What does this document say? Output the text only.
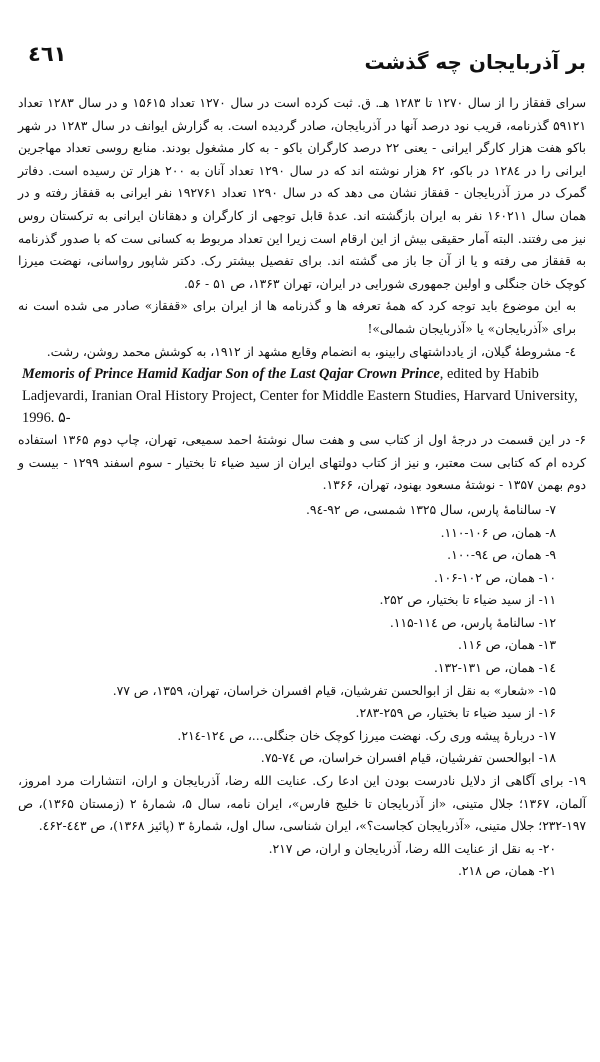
٤٦١	بر آذربایجان چه گذشت

سرای قفقاز را از سال ۱۲۷۰ تا ۱۲۸۳ هـ. ق. ثبت کرده است در سال ۱۲۷۰ تعداد ۱۵۶۱۵ و در سال ۱۲۸۳ تعداد ۵۹۱۲۱ گذرنامه، قریب نود درصد آنها در آذربایجان، صادر گردیده است. به گزارش ایوانف در سال ۱۲۸۳ در شهر باکو هفت هزار کارگر ایرانی - یعنی ۲۲ درصد کارگران باکو - به کار مشغول بودند. منابع روسی تعداد مهاجرین ایرانی را در ۱۲۸٤ در باکو، ۶۲ هزار نوشته اند که در سال ۱۲۹۰ تعداد آنان به ۲۰۰ هزار تن رسیده است. دفاتر گمرک در مرز آذربایجان - قفقاز نشان می دهد که در سال ۱۲۹۰ تعداد ۱۹۲۷۶۱ نفر ایرانی به قفقاز رفته و در همان سال ۱۶۰۲۱۱ نفر به ایران بازگشته اند. عدۀ قابل توجهی از کارگران و دهقانان ایرانی به ترکستان روس نیز می رفتند. البته آمار حقیقی بیش از این ارقام است زیرا این تعداد مربوط به کسانی ست که با صدور گذرنامه به قفقاز می رفته و یا از آن جا باز می گشته اند. برای تفصیل بیشتر رک. دکتر شاپور رواسانی، نهضت میرزا کوچک خان جنگلی و اولین جمهوری شورایی در ایران، تهران ۱۳۶۳، ص ۵۱ - ۵۶.

به این موضوع باید توجه کرد که همۀ تعرفه ها و گذرنامه ها از ایران برای «قفقاز» صادر می شده است نه برای «آذربایجان» یا «آذربایجان شمالی»!

٤- مشروطۀ گیلان، از یادداشتهای رابینو، به انضمام وقایع مشهد از ۱۹۱۲، به کوشش محمد روشن، رشت.

Memoris of Prince Hamid Kadjar Son of the Last Qajar Crown Prince, edited by Habib Ladjevardi, Iranian Oral History Project, Center for Middle Eastern Studies, Harvard University, 1996. ۵-

۶- در این قسمت در درجۀ اول از کتاب سی و هفت سال نوشتۀ احمد سمیعی، تهران، چاپ دوم ۱۳۶۵ استفاده کرده ام که کتابی ست معتبر، و نیز از کتاب دولتهای ایران از سید ضیاء تا بختیار - سوم اسفند ۱۲۹۹ - بیست و دوم بهمن ۱۳۵۷ - نوشتۀ مسعود بهنود، تهران، ۱۳۶۶.

۷- سالنامۀ پارس، سال ۱۳۲۵ شمسی، ص ۹۲-۹٤.

۸- همان، ص ۱۰۶-۱۱۰.

۹- همان، ص ۹٤-۱۰۰.

۱۰- همان، ص ۱۰۲-۱۰۶.

۱۱- از سید ضیاء تا بختیار، ص ۲۵۲.

۱۲- سالنامۀ پارس، ص ۱۱٤-۱۱۵.

۱۳- همان، ص ۱۱۶.

۱٤- همان، ص ۱۳۱-۱۳۲.

۱۵- «شعار» به نقل از ابوالحسن تفرشیان، قیام افسران خراسان، تهران، ۱۳۵۹، ص ۷۷.

۱۶- از سید ضیاء تا بختیار، ص ۲۵۹-۲۸۳.

۱۷- دربارۀ پیشه وری رک. نهضت میرزا کوچک خان جنگلی...، ص ۱۲٤-۲۱٤.

۱۸- ابوالحسن تفرشیان، قیام افسران خراسان، ص ۷٤-۷۵.

۱۹- برای آگاهی از دلایل نادرست بودن این ادعا رک. عنایت الله رضا، آذربایجان و اران، انتشارات مرد امروز، آلمان، ۱۳۶۷؛ جلال متینی، «از آذربایجان تا خلیج فارس»، ایران نامه، سال ۵، شمارۀ ۲ (زمستان ۱۳۶۵)، ص ۱۹۷-۲۳۲؛ جلال متینی، «آذربایجان کجاست؟»، ایران شناسی، سال اول، شمارۀ ۳ (پائیز ۱۳۶۸)، ص ٤٤۳-٤۶۲.

۲۰- به نقل از عنایت الله رضا، آذربایجان و اران، ص ۲۱۷.

۲۱- همان، ص ۲۱۸.
